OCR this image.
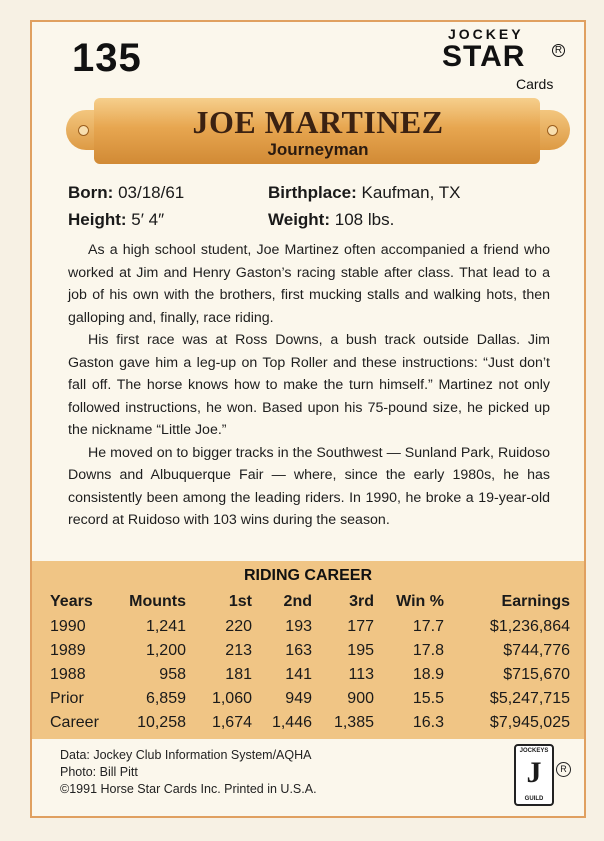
135
JOCKEY
STAR	R
Cards
JOE MARTINEZ
Journeyman
Born: 03/18/61	Birthplace: Kaufman, TX
Height: 5′ 4″	Weight: 108 lbs.

As a high school student, Joe Martinez often accompanied a friend who worked at Jim and Henry Gaston’s racing stable after class. That lead to a job of his own with the brothers, first mucking stalls and walking hots, then galloping and, finally, race riding.

His first race was at Ross Downs, a bush track outside Dallas. Jim Gaston gave him a leg-up on Top Roller and these instructions: “Just don’t fall off. The horse knows how to make the turn himself.” Martinez not only followed instructions, he won. Based upon his 75-pound size, he picked up the nickname “Little Joe.”

He moved on to bigger tracks in the Southwest — Sunland Park, Ruidoso Downs and Albuquerque Fair — where, since the early 1980s, he has consistently been among the leading riders. In 1990, he broke a 19-year-old record at Ruidoso with 103 wins during the season.

RIDING CAREER
Years Mounts	1st 2nd 3rd Win %	Earnings
1990	1,241 220 193 177 17.7	$1,236,864
1989	1,200 213 163 195 17.8	$744,776
1988	958 181 141 113 18.9	$715,670
Prior	6,859 1,060 949 900 15.5	$5,247,715
Career 10,258 1,674 1,446 1,385 16.3	$7,945,025
Data: Jockey Club Information System/AQHA
Photo: Bill Pitt
©1991 Horse Star Cards Inc. Printed in U.S.A.
JOCKEYS
J
GUILD
R
